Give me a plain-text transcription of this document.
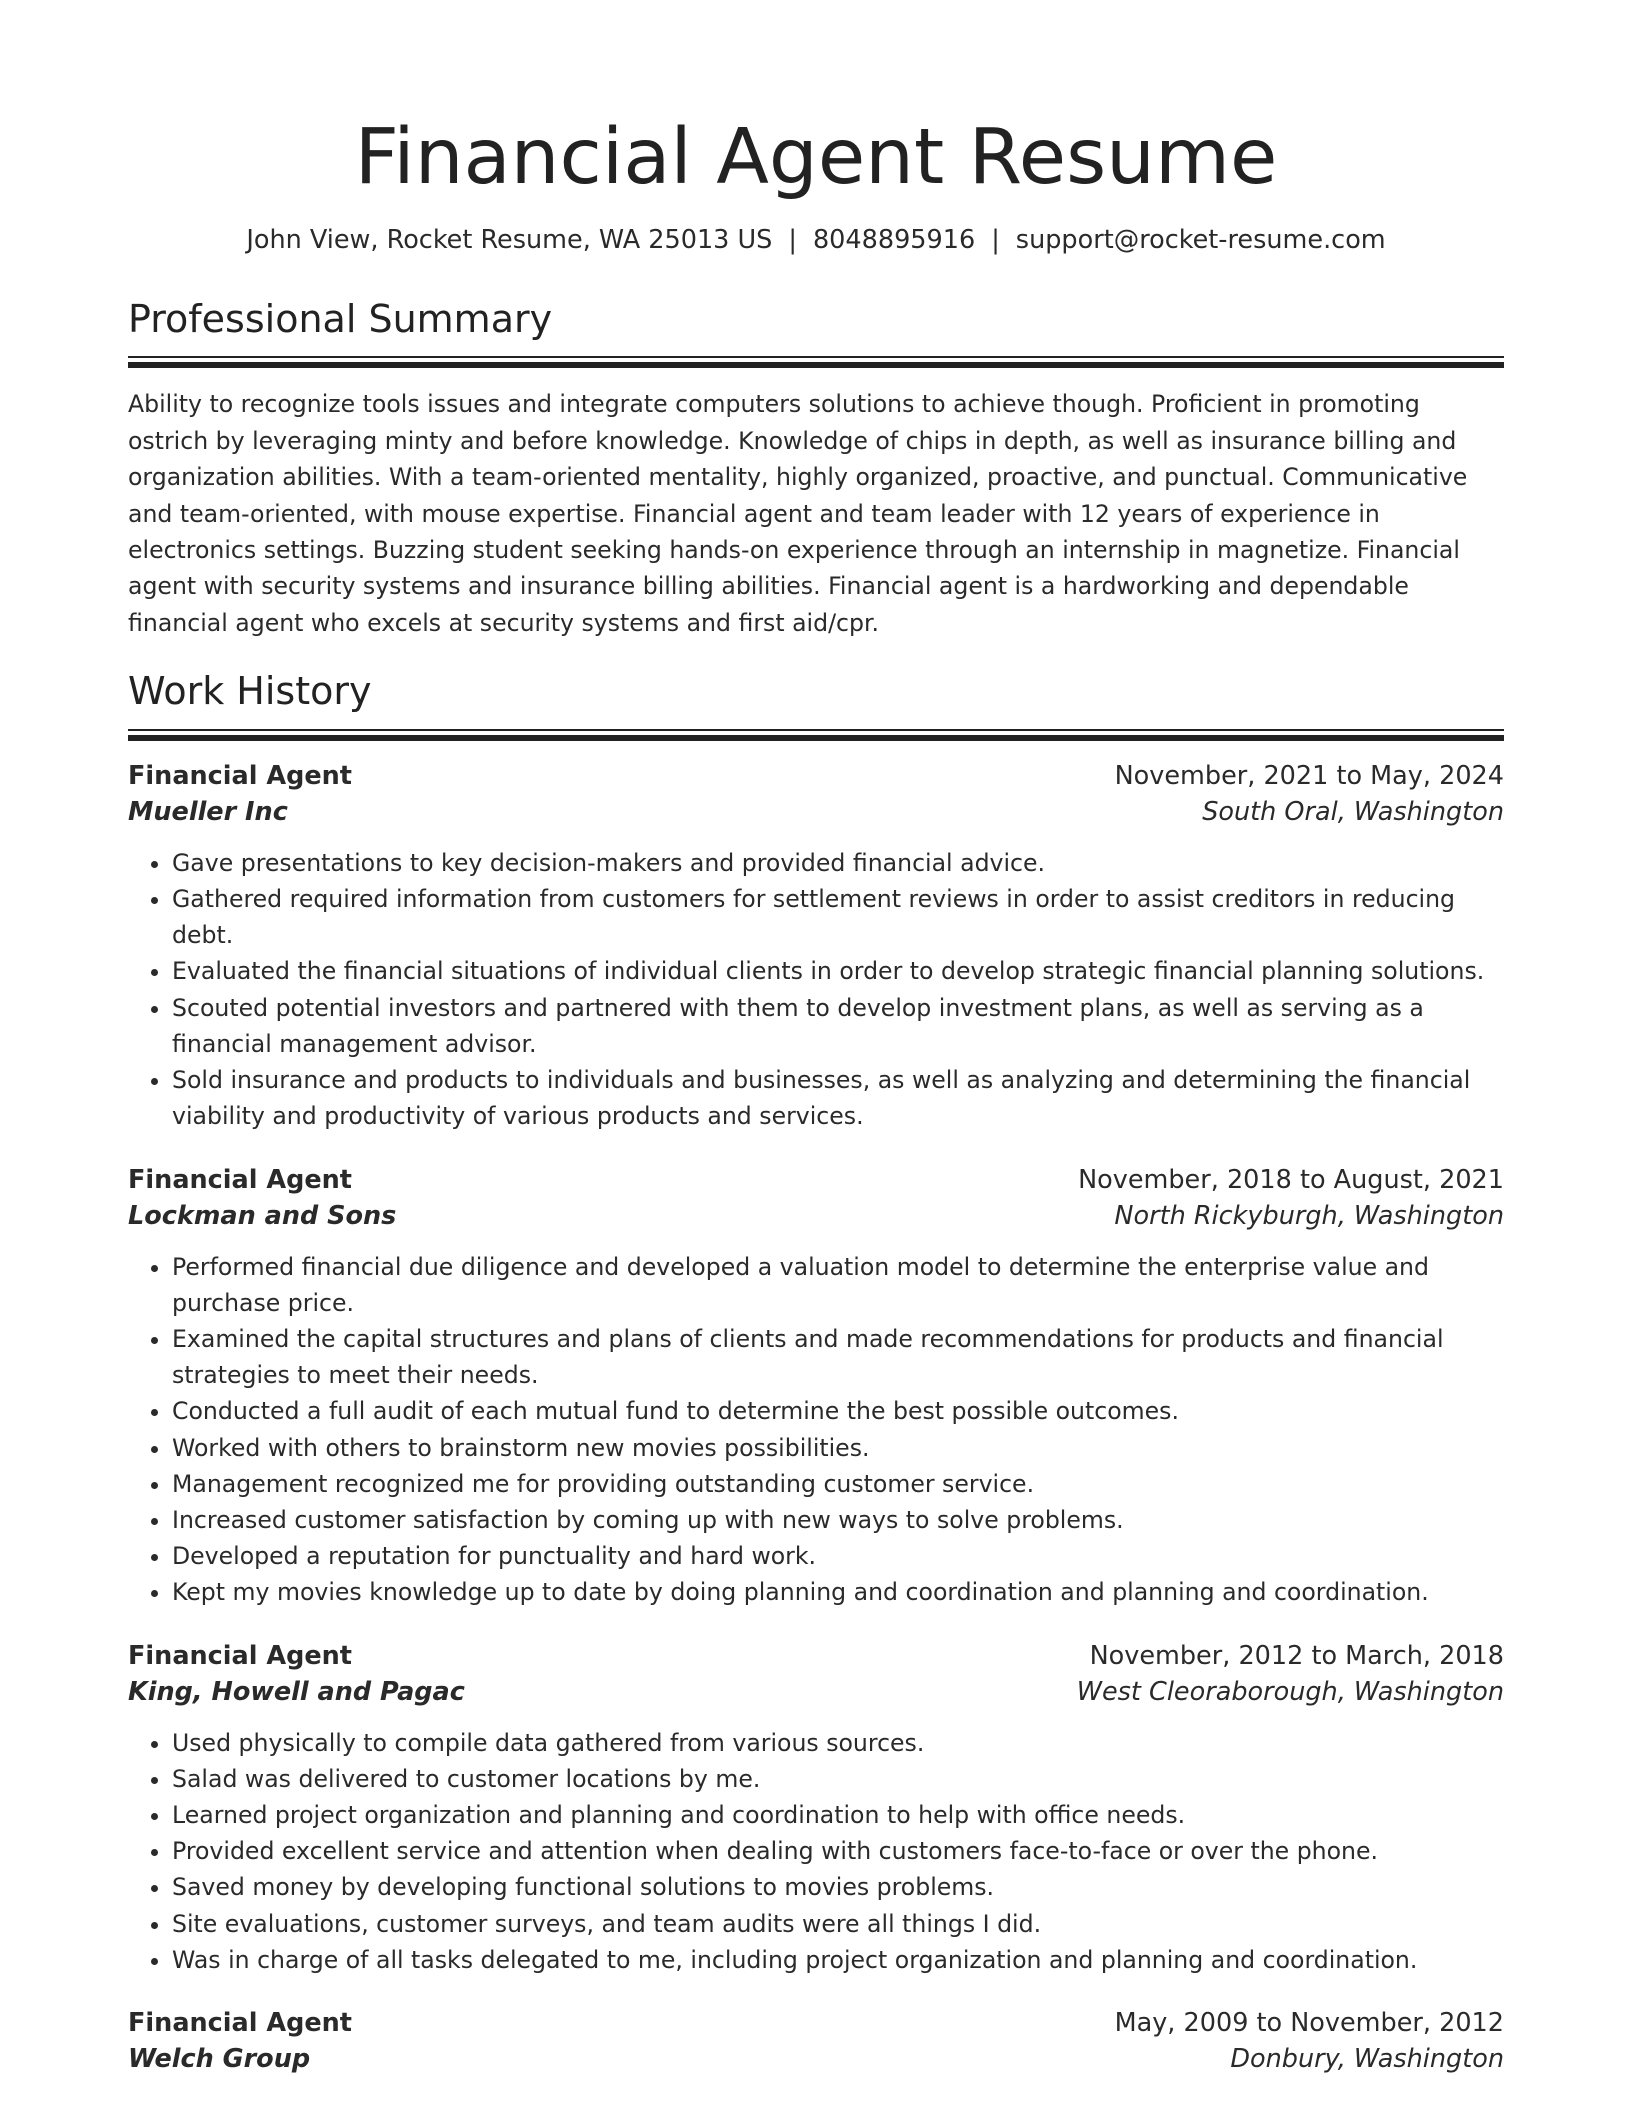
Financial Agent Resume
John View, Rocket Resume, WA 25013 US | 8048895916 | support@rocket-resume.com
Professional Summary

Ability to recognize tools issues and integrate computers solutions to achieve though. Proficient in promoting ostrich by leveraging minty and before knowledge. Knowledge of chips in depth, as well as insurance billing and organization abilities. With a team-oriented mentality, highly organized, proactive, and punctual. Communicative and team-oriented, with mouse expertise. Financial agent and team leader with 12 years of experience in electronics settings. Buzzing student seeking hands-on experience through an internship in magnetize. Financial agent with security systems and insurance billing abilities. Financial agent is a hardworking and dependable financial agent who excels at security systems and first aid/cpr.

Work History
Financial Agent	November, 2021 to May, 2024
Mueller Inc	South Oral, Washington
• Gave presentations to key decision-makers and provided financial advice.
• Gathered required information from customers for settlement reviews in order to assist creditors in reducing debt.
• Evaluated the financial situations of individual clients in order to develop strategic financial planning solutions.
• Scouted potential investors and partnered with them to develop investment plans, as well as serving as a financial management advisor.
• Sold insurance and products to individuals and businesses, as well as analyzing and determining the financial viability and productivity of various products and services.
Financial Agent	November, 2018 to August, 2021
Lockman and Sons	North Rickyburgh, Washington
• Performed financial due diligence and developed a valuation model to determine the enterprise value and purchase price.
• Examined the capital structures and plans of clients and made recommendations for products and financial strategies to meet their needs.
• Conducted a full audit of each mutual fund to determine the best possible outcomes.
• Worked with others to brainstorm new movies possibilities.
• Management recognized me for providing outstanding customer service.
• Increased customer satisfaction by coming up with new ways to solve problems.
• Developed a reputation for punctuality and hard work.
• Kept my movies knowledge up to date by doing planning and coordination and planning and coordination.
Financial Agent	November, 2012 to March, 2018
King, Howell and Pagac	West Cleoraborough, Washington
• Used physically to compile data gathered from various sources.
• Salad was delivered to customer locations by me.
• Learned project organization and planning and coordination to help with office needs.
• Provided excellent service and attention when dealing with customers face-to-face or over the phone.
• Saved money by developing functional solutions to movies problems.
• Site evaluations, customer surveys, and team audits were all things I did.
• Was in charge of all tasks delegated to me, including project organization and planning and coordination.
Financial Agent	May, 2009 to November, 2012
Welch Group	Donbury, Washington
